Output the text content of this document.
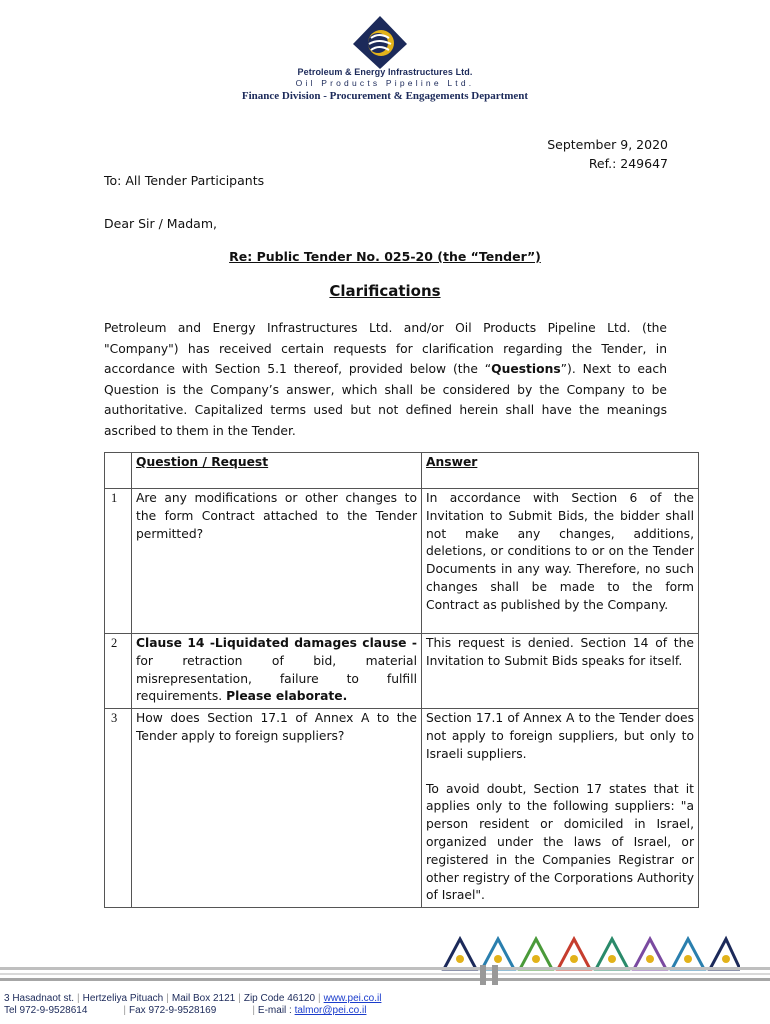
Petroleum & Energy Infrastructures Ltd.
Oil Products Pipeline Ltd.
Finance Division - Procurement & Engagements Department
September 9, 2020
Ref.: 249647
To: All Tender Participants
Dear Sir / Madam,
Re: Public Tender No. 025-20 (the “Tender”)
Clarifications
Petroleum and Energy Infrastructures Ltd. and/or Oil Products Pipeline Ltd. (the "Company") has received certain requests for clarification regarding the Tender, in accordance with Section 5.1 thereof, provided below (the “Questions”). Next to each Question is the Company’s answer, which shall be considered by the Company to be authoritative. Capitalized terms used but not defined herein shall have the meanings ascribed to them in the Tender.
	Question / Request	Answer
1	Are any modifications or other changes to the form Contract attached to the Tender permitted?	In accordance with Section 6 of the Invitation to Submit Bids, the bidder shall not make any changes, additions, deletions, or conditions to or on the Tender Documents in any way. Therefore, no such changes shall be made to the form Contract as published by the Company.
2	Clause 14 -Liquidated damages clause - for retraction of bid, material misrepresentation, failure to fulfill requirements. Please elaborate.	This request is denied. Section 14 of the Invitation to Submit Bids speaks for itself.
3	How does Section 17.1 of Annex A to the Tender apply to foreign suppliers?	Section 17.1 of Annex A to the Tender does not apply to foreign suppliers, but only to Israeli suppliers.
To avoid doubt, Section 17 states that it applies only to the following suppliers: "a person resident or domiciled in Israel, organized under the laws of Israel, or registered in the Companies Registrar or other registry of the Corporations Authority of Israel".
3 Hasadnaot st. | Hertzeliya Pituach | Mail Box 2121 | Zip Code 46120 | www.pei.co.il
Tel 972-9-9528614	| Fax 972-9-9528169	| E-mail : talmor@pei.co.il
